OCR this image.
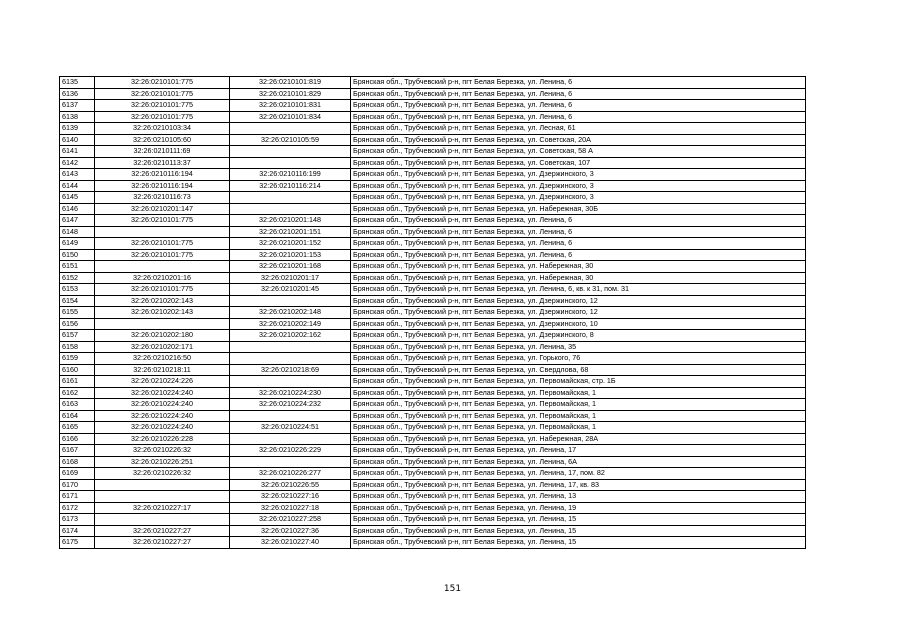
6135	32:26:0210101:775	32:26:0210101:819	Брянская обл., Трубчевский р-н, пгт Белая Березка, ул. Ленина, 6
6136	32:26:0210101:775	32:26:0210101:829	Брянская обл., Трубчевский р-н, пгт Белая Березка, ул. Ленина, 6
6137	32:26:0210101:775	32:26:0210101:831	Брянская обл., Трубчевский р-н, пгт Белая Березка, ул. Ленина, 6
6138	32:26:0210101:775	32:26:0210101:834	Брянская обл., Трубчевский р-н, пгт Белая Березка, ул. Ленина, 6
6139	32:26:0210103:34		Брянская обл., Трубчевский р-н, пгт Белая Березка, ул. Лесная, 61
6140	32:26:0210105:60	32:26:0210105:59	Брянская обл., Трубчевский р-н, пгт Белая Березка, ул. Советская, 20А
6141	32:26:0210111:69		Брянская обл., Трубчевский р-н, пгт Белая Березка, ул. Советская, 58 А
6142	32:26:0210113:37		Брянская обл., Трубчевский р-н, пгт Белая Березка, ул. Советская, 107
6143	32:26:0210116:194	32:26:0210116:199	Брянская обл., Трубчевский р-н, пгт Белая Березка, ул. Дзержинского, 3
6144	32:26:0210116:194	32:26:0210116:214	Брянская обл., Трубчевский р-н, пгт Белая Березка, ул. Дзержинского, 3
6145	32:26:0210116:73		Брянская обл., Трубчевский р-н, пгт Белая Березка, ул. Дзержинского, 3
6146	32:26:0210201:147		Брянская обл., Трубчевский р-н, пгт Белая Березка, ул. Набережная, 30Б
6147	32:26:0210101:775	32:26:0210201:148	Брянская обл., Трубчевский р-н, пгт Белая Березка, ул. Ленина, 6
6148		32:26:0210201:151	Брянская обл., Трубчевский р-н, пгт Белая Березка, ул. Ленина, 6
6149	32:26:0210101:775	32:26:0210201:152	Брянская обл., Трубчевский р-н, пгт Белая Березка, ул. Ленина, 6
6150	32:26:0210101:775	32:26:0210201:153	Брянская обл., Трубчевский р-н, пгт Белая Березка, ул. Ленина, 6
6151		32:26:0210201:168	Брянская обл., Трубчевский р-н, пгт Белая Березка, ул. Набережная, 30
6152	32:26:0210201:16	32:26:0210201:17	Брянская обл., Трубчевский р-н, пгт Белая Березка, ул. Набережная, 30
6153	32:26:0210101:775	32:26:0210201:45	Брянская обл., Трубчевский р-н, пгт Белая Березка, ул. Ленина, 6, кв. к 31, пом. 31
6154	32:26:0210202:143		Брянская обл., Трубчевский р-н, пгт Белая Березка, ул. Дзержинского, 12
6155	32:26:0210202:143	32:26:0210202:148	Брянская обл., Трубчевский р-н, пгт Белая Березка, ул. Дзержинского, 12
6156		32:26:0210202:149	Брянская обл., Трубчевский р-н, пгт Белая Березка, ул. Дзержинского, 10
6157	32:26:0210202:180	32:26:0210202:162	Брянская обл., Трубчевский р-н, пгт Белая Березка, ул. Дзержинского, 8
6158	32:26:0210202:171		Брянская обл., Трубчевский р-н, пгт Белая Березка, ул. Ленина, 35
6159	32:26:0210216:50		Брянская обл., Трубчевский р-н, пгт Белая Березка, ул. Горького, 76
6160	32:26:0210218:11	32:26:0210218:69	Брянская обл., Трубчевский р-н, пгт Белая Березка, ул. Свердлова, 68
6161	32:26:0210224:226		Брянская обл., Трубчевский р-н, пгт Белая Березка, ул. Первомайская, стр. 1Б
6162	32:26:0210224:240	32:26:0210224:230	Брянская обл., Трубчевский р-н, пгт Белая Березка, ул. Первомайская, 1
6163	32:26:0210224:240	32:26:0210224:232	Брянская обл., Трубчевский р-н, пгт Белая Березка, ул. Первомайская, 1
6164	32:26:0210224:240		Брянская обл., Трубчевский р-н, пгт Белая Березка, ул. Первомайская, 1
6165	32:26:0210224:240	32:26:0210224:51	Брянская обл., Трубчевский р-н, пгт Белая Березка, ул. Первомайская, 1
6166	32:26:0210226:228		Брянская обл., Трубчевский р-н, пгт Белая Березка, ул. Набережная, 28А
6167	32:26:0210226:32	32:26:0210226:229	Брянская обл., Трубчевский р-н, пгт Белая Березка, ул. Ленина, 17
6168	32:26:0210226:251		Брянская обл., Трубчевский р-н, пгт Белая Березка, ул. Ленина, 6А
6169	32:26:0210226:32	32:26:0210226:277	Брянская обл., Трубчевский р-н, пгт Белая Березка, ул. Ленина, 17, пом. 82
6170		32:26:0210226:55	Брянская обл., Трубчевский р-н, пгт Белая Березка, ул. Ленина, 17, кв. 83
6171		32:26:0210227:16	Брянская обл., Трубчевский р-н, пгт Белая Березка, ул. Ленина, 13
6172	32:26:0210227:17	32:26:0210227:18	Брянская обл., Трубчевский р-н, пгт Белая Березка, ул. Ленина, 19
6173		32:26:0210227:258	Брянская обл., Трубчевский р-н, пгт Белая Березка, ул. Ленина, 15
6174	32:26:0210227:27	32:26:0210227:36	Брянская обл., Трубчевский р-н, пгт Белая Березка, ул. Ленина, 15
6175	32:26:0210227:27	32:26:0210227:40	Брянская обл., Трубчевский р-н, пгт Белая Березка, ул. Ленина, 15
151
